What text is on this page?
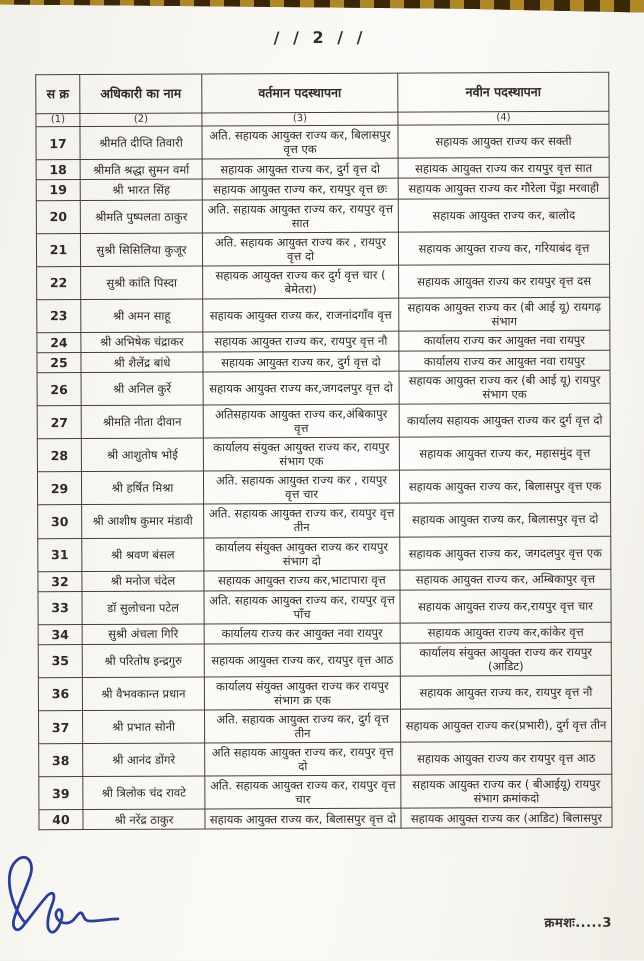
/ / 2 / /
स क्र	अधिकारी का नाम	वर्तमान पदस्थापना	नवीन पदस्थापना
(1)	(2)	(3)	(4)
17	श्रीमति दीप्ति तिवारी	अति. सहायक आयुक्त राज्य कर, बिलासपुर वृत्त एक	सहायक आयुक्त राज्य कर सक्ती
18	श्रीमति श्रद्धा सुमन वर्मा	सहायक आयुक्त राज्य कर, दुर्ग वृत्त दो	सहायक आयुक्त राज्य कर रायपुर वृत्त सात
19	श्री भारत सिंह	सहायक आयुक्त राज्य कर, रायपुर वृत्त छः	सहायक आयुक्त राज्य कर गौरेला पेंड्रा मरवाही
20	श्रीमति पुष्पलता ठाकुर	अति. सहायक आयुक्त राज्य कर, रायपुर वृत्त सात	सहायक आयुक्त राज्य कर, बालोद
21	सुश्री सिसिलिया कुजूर	अति. सहायक आयुक्त राज्य कर , रायपुर वृत्त दो	सहायक आयुक्त राज्य कर, गरियाबंद वृत्त
22	सुश्री कांति पिस्दा	सहायक आयुक्त राज्य कर दुर्ग वृत्त चार ( बेमेतरा)	सहायक आयुक्त राज्य कर रायपुर वृत्त दस
23	श्री अमन साहू	सहायक आयुक्त राज्य कर, राजनांदगाँव वृत्त	सहायक आयुक्त राज्य कर (बी आई यू) रायगढ़ संभाग
24	श्री अभिषेक चंद्राकर	सहायक आयुक्त राज्य कर, रायपुर वृत्त नौ	कार्यालय राज्य कर आयुक्त नवा रायपुर
25	श्री शैलेंद्र बांधे	सहायक आयुक्त राज्य कर, दुर्ग वृत्त दो	कार्यालय राज्य कर आयुक्त नवा रायपुर
26	श्री अनिल कुर्रे	सहायक आयुक्त राज्य कर,जगदलपुर वृत्त दो	सहायक आयुक्त राज्य कर (बी आई यू) रायपुर संभाग एक
27	श्रीमति नीता दीवान	अतिसहायक आयुक्त राज्य कर,अंबिकापुर वृत्त	कार्यालय सहायक आयुक्त राज्य कर दुर्ग वृत्त दो
28	श्री आशुतोष भोई	कार्यालय संयुक्त आयुक्त राज्य कर, रायपुर संभाग एक	सहायक आयुक्त राज्य कर, महासमुंद वृत्त
29	श्री हर्षित मिश्रा	अति. सहायक आयुक्त राज्य कर , रायपुर वृत्त चार	सहायक आयुक्त राज्य कर, बिलासपुर वृत्त एक
30	श्री आशीष कुमार मंडावी	अति. सहायक आयुक्त राज्य कर, रायपुर वृत्त तीन	सहायक आयुक्त राज्य कर, बिलासपुर वृत्त दो
31	श्री श्रवण बंसल	कार्यालय संयुक्त आयुक्त राज्य कर रायपुर संभाग दो	सहायक आयुक्त राज्य कर, जगदलपुर वृत्त एक
32	श्री मनोज चंदेल	सहायक आयुक्त राज्य कर,भाटापारा वृत्त	सहायक आयुक्त राज्य कर, अम्बिकापुर वृत्त
33	डॉ सुलोचना पटेल	अति. सहायक आयुक्त राज्य कर, रायपुर वृत्त पाँच	सहायक आयुक्त राज्य कर,रायपुर वृत्त चार
34	सुश्री अंचला गिरि	कार्यालय राज्य कर आयुक्त नवा रायपुर	सहायक आयुक्त राज्य कर,कांकेर वृत्त
35	श्री परितोष इन्द्रगुरु	सहायक आयुक्त राज्य कर, रायपुर वृत्त आठ	कार्यालय संयुक्त आयुक्त राज्य कर रायपुर (आडिट)
36	श्री वैभवकान्त प्रधान	कार्यालय संयुक्त आयुक्त राज्य कर रायपुर संभाग क्र एक	सहायक आयुक्त राज्य कर, रायपुर वृत्त नौ
37	श्री प्रभात सोनी	अति. सहायक आयुक्त राज्य कर, दुर्ग वृत्त तीन	सहायक आयुक्त राज्य कर(प्रभारी), दुर्ग वृत्त तीन
38	श्री आनंद डोंगरे	अति सहायक आयुक्त राज्य कर, रायपुर वृत्त दो	सहायक आयुक्त राज्य कर रायपुर वृत्त आठ
39	श्री त्रिलोक चंद रावटे	अति. सहायक आयुक्त राज्य कर, रायपुर वृत्त चार	सहायक आयुक्त राज्य कर ( बीआईयू) रायपुर संभाग क्रमांकदो
40	श्री नरेंद्र ठाकुर	सहायक आयुक्त राज्य कर, बिलासपुर वृत्त दो	सहायक आयुक्त राज्य कर (आडिट) बिलासपुर
क्रमशः.....3
